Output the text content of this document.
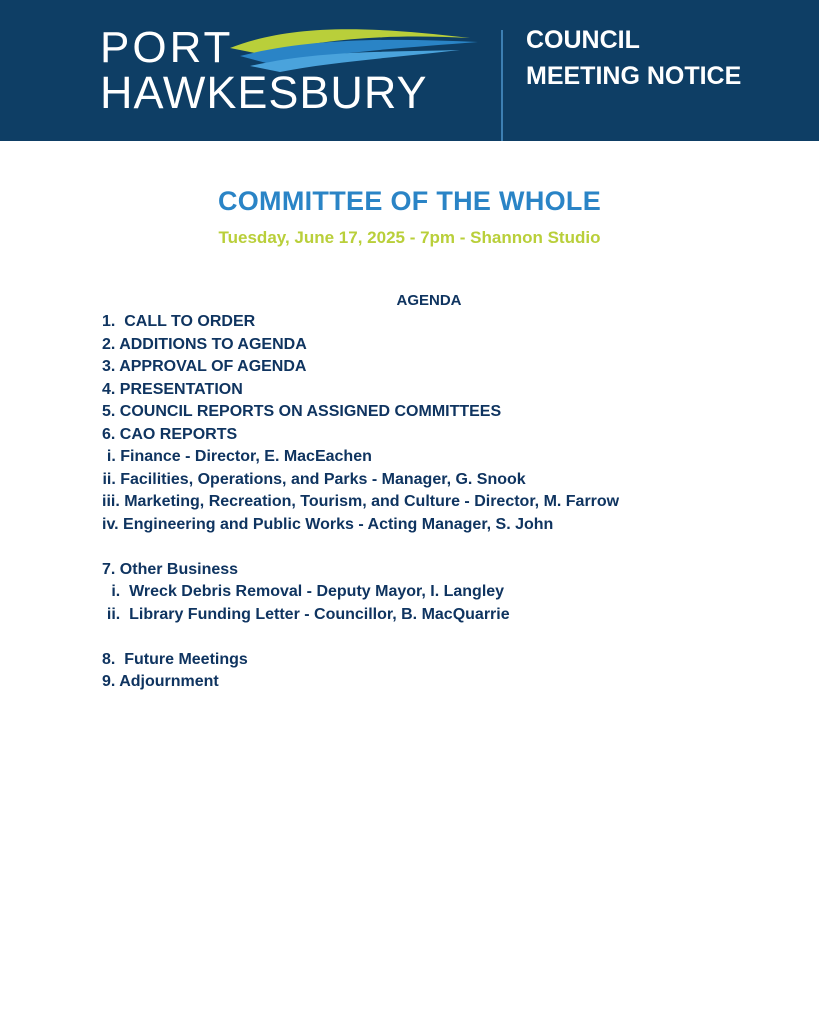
PORT
HAWKESBURY
COUNCIL
MEETING NOTICE
COMMITTEE OF THE WHOLE
Tuesday, June 17, 2025 - 7pm - Shannon Studio
AGENDA
1.  CALL TO ORDER
2. ADDITIONS TO AGENDA
3. APPROVAL OF AGENDA
4. PRESENTATION
5. COUNCIL REPORTS ON ASSIGNED COMMITTEES
6. CAO REPORTS
i. Finance - Director, E. MacEachen
ii. Facilities, Operations, and Parks - Manager, G. Snook
iii. Marketing, Recreation, Tourism, and Culture - Director, M. Farrow
iv. Engineering and Public Works - Acting Manager, S. John
7. Other Business
i.  Wreck Debris Removal - Deputy Mayor, I. Langley
ii.  Library Funding Letter - Councillor, B. MacQuarrie
8.  Future Meetings
9. Adjournment
